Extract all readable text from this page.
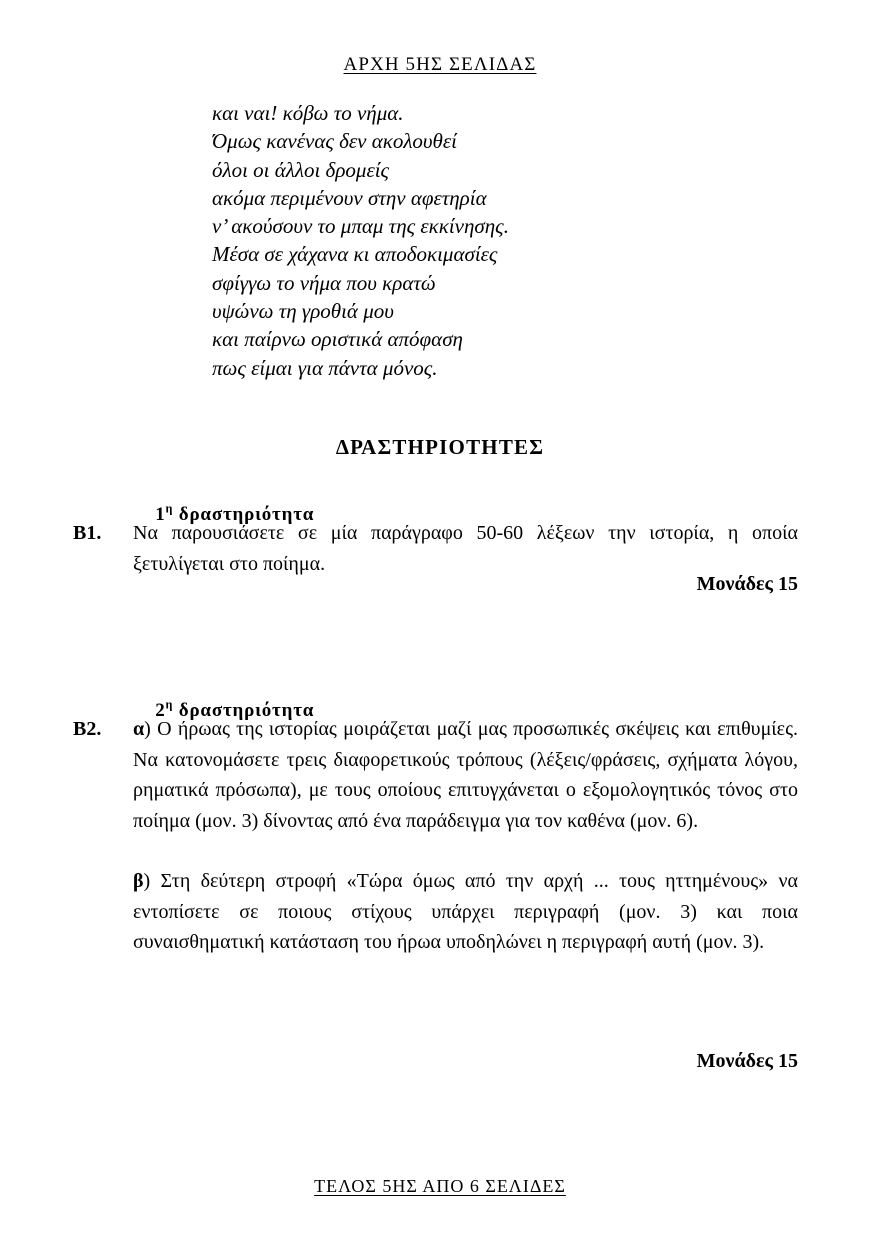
ΑΡΧΗ 5ΗΣ ΣΕΛΙΔΑΣ
και ναι! κόβω το νήμα.
Όμως κανένας δεν ακολουθεί
όλοι οι άλλοι δρομείς
ακόμα περιμένουν στην αφετηρία
ν’ ακούσουν το μπαμ της εκκίνησης.
Μέσα σε χάχανα κι αποδοκιμασίες
σφίγγω το νήμα που κρατώ
υψώνω τη γροθιά μου
και παίρνω οριστικά απόφαση
πως είμαι για πάντα μόνος.
ΔΡΑΣΤΗΡΙΟΤΗΤΕΣ

$1^\eta$ δραστηριότητα

B1.	Να παρουσιάσετε σε μία παράγραφο 50-60 λέξεων την ιστορία, η οποία ξετυλίγεται στο ποίημα.

Μονάδες 15

$2^\eta$ δραστηριότητα

B2.	α) Ο ήρωας της ιστορίας μοιράζεται μαζί μας προσωπικές σκέψεις και επιθυμίες. Να κατονομάσετε τρεις διαφορετικούς τρόπους (λέξεις/φράσεις, σχήματα λόγου, ρηματικά πρόσωπα), με τους οποίους επιτυγχάνεται ο εξομολογητικός τόνος στο ποίημα (μον. 3) δίνοντας από ένα παράδειγμα για τον καθένα (μον. 6).

β) Στη δεύτερη στροφή «Τώρα όμως από την αρχή ... τους ηττημένους» να εντοπίσετε σε ποιους στίχους υπάρχει περιγραφή (μον. 3) και ποια συναισθηματική κατάσταση του ήρωα υποδηλώνει η περιγραφή αυτή (μον. 3).

Μονάδες 15
ΤΕΛΟΣ 5ΗΣ ΑΠΟ 6 ΣΕΛΙΔΕΣ
